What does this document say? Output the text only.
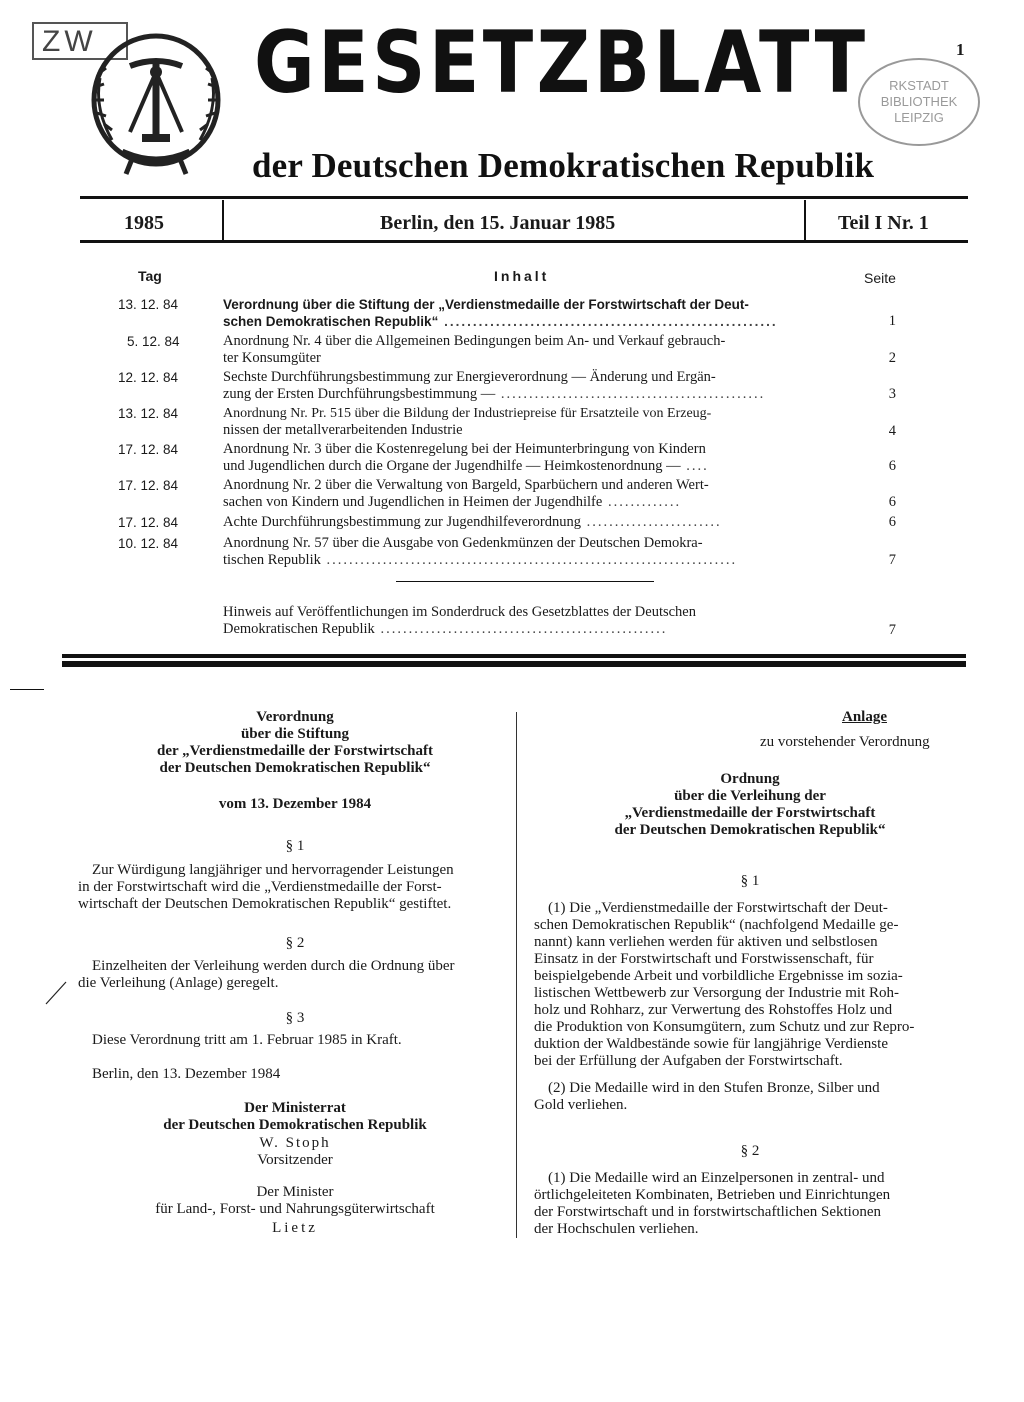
ZW	GESETZBLATT
der Deutschen Demokratischen Republik
1
RKSTADT
BIBLIOTHEK
LEIPZIG
1985	Berlin, den 15. Januar 1985	Teil I Nr. 1
Tag	Inhalt	Seite
13. 12. 84	Verordnung über die Stiftung der „Verdienstmedaille der Forstwirtschaft der Deut-
schen Demokratischen Republik“ ..........................................................	1
5. 12. 84	Anordnung Nr. 4 über die Allgemeinen Bedingungen beim An- und Verkauf gebrauch-
ter Konsumgüter	2
12. 12. 84	Sechste Durchführungsbestimmung zur Energieverordnung — Änderung und Ergän-
zung der Ersten Durchführungsbestimmung — ...............................................	3
13. 12. 84	Anordnung Nr. Pr. 515 über die Bildung der Industriepreise für Ersatzteile von Erzeug-
nissen der metallverarbeitenden Industrie	4
17. 12. 84	Anordnung Nr. 3 über die Kostenregelung bei der Heimunterbringung von Kindern
und Jugendlichen durch die Organe der Jugendhilfe — Heimkostenordnung — ....	6
17. 12. 84	Anordnung Nr. 2 über die Verwaltung von Bargeld, Sparbüchern und anderen Wert-
sachen von Kindern und Jugendlichen in Heimen der Jugendhilfe .............	6
17. 12. 84	Achte Durchführungsbestimmung zur Jugendhilfeverordnung ........................	6
10. 12. 84	Anordnung Nr. 57 über die Ausgabe von Gedenkmünzen der Deutschen Demokra-
tischen Republik .........................................................................	7
Hinweis auf Veröffentlichungen im Sonderdruck des Gesetzblattes der Deutschen
Demokratischen Republik ...................................................	7
Verordnung
über die Stiftung
der „Verdienstmedaille der Forstwirtschaft
der Deutschen Demokratischen Republik“
vom 13. Dezember 1984
§ 1
Zur Würdigung langjähriger und hervorragender Leistungen
in der Forstwirtschaft wird die „Verdienstmedaille der Forst-
wirtschaft der Deutschen Demokratischen Republik“ gestiftet.
§ 2
Einzelheiten der Verleihung werden durch die Ordnung über
die Verleihung (Anlage) geregelt.
§ 3
Diese Verordnung tritt am 1. Februar 1985 in Kraft.
Berlin, den 13. Dezember 1984
Der Ministerrat
der Deutschen Demokratischen Republik
W. Stoph
Vorsitzender
Der Minister
für Land-, Forst- und Nahrungsgüterwirtschaft
Lietz
Anlage
zu vorstehender Verordnung
Ordnung
über die Verleihung der
„Verdienstmedaille der Forstwirtschaft
der Deutschen Demokratischen Republik“
§ 1
(1) Die „Verdienstmedaille der Forstwirtschaft der Deut-
schen Demokratischen Republik“ (nachfolgend Medaille ge-
nannt) kann verliehen werden für aktiven und selbstlosen
Einsatz in der Forstwirtschaft und Forstwissenschaft, für
beispielgebende Arbeit und vorbildliche Ergebnisse im sozia-
listischen Wettbewerb zur Versorgung der Industrie mit Roh-
holz und Rohharz, zur Verwertung des Rohstoffes Holz und
die Produktion von Konsumgütern, zum Schutz und zur Repro-
duktion der Waldbestände sowie für langjährige Verdienste
bei der Erfüllung der Aufgaben der Forstwirtschaft.
(2) Die Medaille wird in den Stufen Bronze, Silber und
Gold verliehen.
§ 2
(1) Die Medaille wird an Einzelpersonen in zentral- und
örtlichgeleiteten Kombinaten, Betrieben und Einrichtungen
der Forstwirtschaft und in forstwirtschaftlichen Sektionen
der Hochschulen verliehen.
